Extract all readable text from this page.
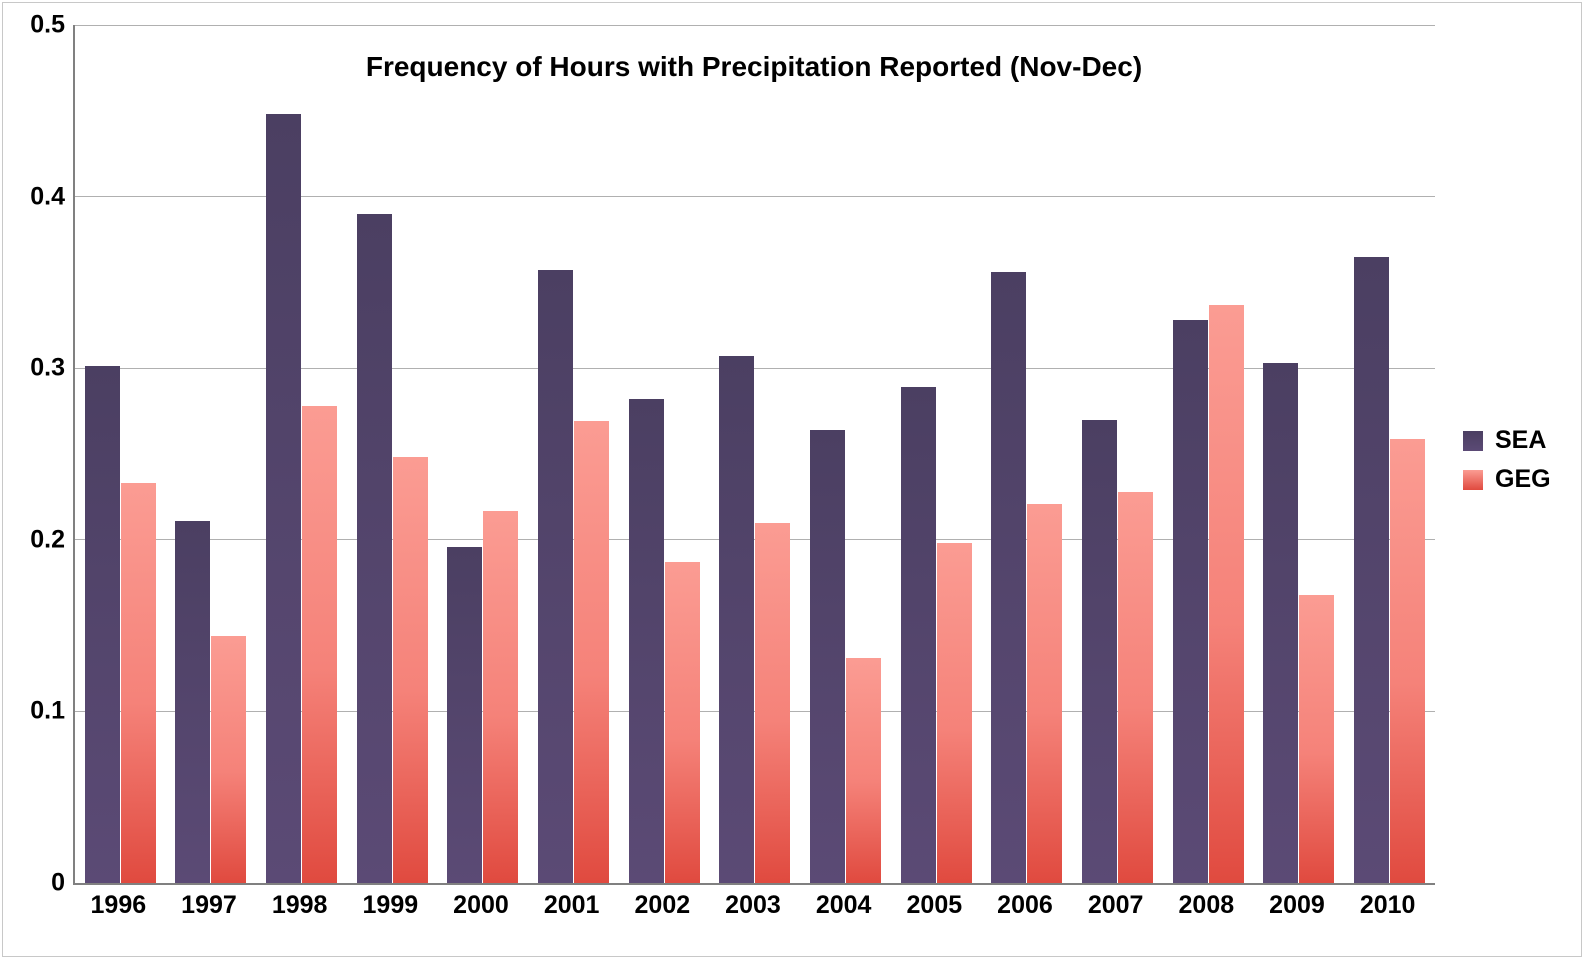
Frequency of Hours with Precipitation Reported (Nov-Dec)
0
0.1
0.2
0.3
0.4
0.5
1996	1997	1998	1999	2000	2001	2002	2003	2004	2005	2006	2007	2008	2009	2010
SEA
GEG
